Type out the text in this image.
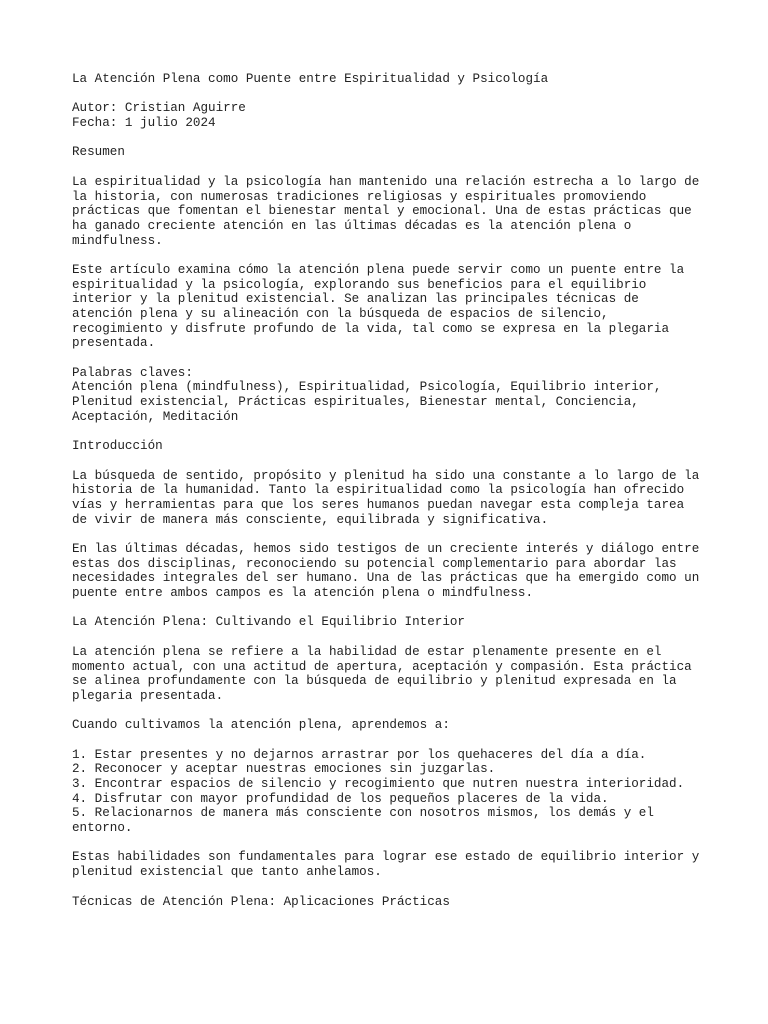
La Atención Plena como Puente entre Espiritualidad y Psicología
Autor: Cristian Aguirre
Fecha: 1 julio 2024
Resumen
La espiritualidad y la psicología han mantenido una relación estrecha a lo largo de
la historia, con numerosas tradiciones religiosas y espirituales promoviendo
prácticas que fomentan el bienestar mental y emocional. Una de estas prácticas que
ha ganado creciente atención en las últimas décadas es la atención plena o
mindfulness.
Este artículo examina cómo la atención plena puede servir como un puente entre la
espiritualidad y la psicología, explorando sus beneficios para el equilibrio
interior y la plenitud existencial. Se analizan las principales técnicas de
atención plena y su alineación con la búsqueda de espacios de silencio,
recogimiento y disfrute profundo de la vida, tal como se expresa en la plegaria
presentada.
Palabras claves:
Atención plena (mindfulness), Espiritualidad, Psicología, Equilibrio interior,
Plenitud existencial, Prácticas espirituales, Bienestar mental, Conciencia,
Aceptación, Meditación
Introducción
La búsqueda de sentido, propósito y plenitud ha sido una constante a lo largo de la
historia de la humanidad. Tanto la espiritualidad como la psicología han ofrecido
vías y herramientas para que los seres humanos puedan navegar esta compleja tarea
de vivir de manera más consciente, equilibrada y significativa.
En las últimas décadas, hemos sido testigos de un creciente interés y diálogo entre
estas dos disciplinas, reconociendo su potencial complementario para abordar las
necesidades integrales del ser humano. Una de las prácticas que ha emergido como un
puente entre ambos campos es la atención plena o mindfulness.
La Atención Plena: Cultivando el Equilibrio Interior
La atención plena se refiere a la habilidad de estar plenamente presente en el
momento actual, con una actitud de apertura, aceptación y compasión. Esta práctica
se alinea profundamente con la búsqueda de equilibrio y plenitud expresada en la
plegaria presentada.
Cuando cultivamos la atención plena, aprendemos a:
1. Estar presentes y no dejarnos arrastrar por los quehaceres del día a día.
2. Reconocer y aceptar nuestras emociones sin juzgarlas.
3. Encontrar espacios de silencio y recogimiento que nutren nuestra interioridad.
4. Disfrutar con mayor profundidad de los pequeños placeres de la vida.
5. Relacionarnos de manera más consciente con nosotros mismos, los demás y el
entorno.
Estas habilidades son fundamentales para lograr ese estado de equilibrio interior y
plenitud existencial que tanto anhelamos.
Técnicas de Atención Plena: Aplicaciones Prácticas
